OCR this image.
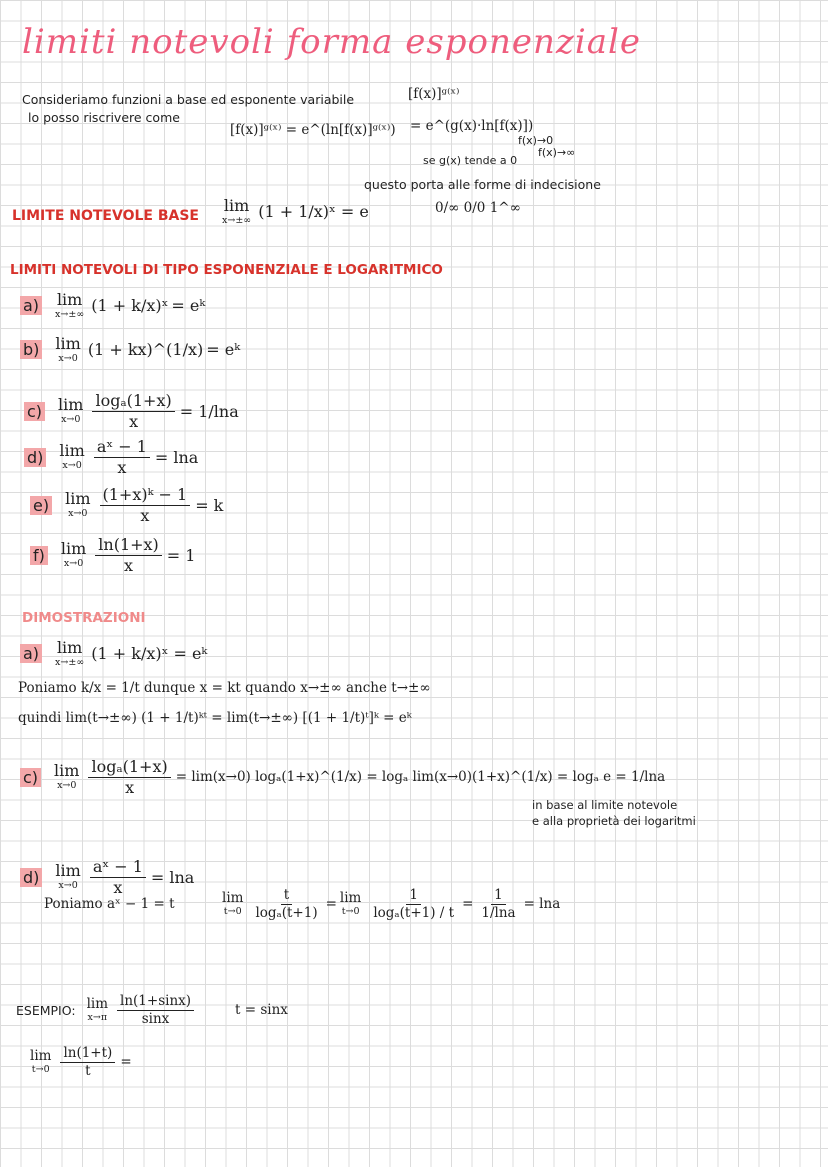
limiti notevoli forma esponenziale
Consideriamo funzioni a base ed esponente variabile	[f(x)]ᵍ⁽ˣ⁾
lo posso riscrivere come
[f(x)]ᵍ⁽ˣ⁾ = e^(ln[f(x)]ᵍ⁽ˣ⁾) = e^(g(x)·ln[f(x)])
f(x)→0
f(x)→∞
se g(x) tende a 0
questo porta alle forme di indecisione
0/∞ 0/0 1^∞
LIMITE NOTEVOLE BASE
lim
x→±∞ (1 + 1/x)ˣ = e
LIMITI NOTEVOLI DI TIPO ESPONENZIALE E LOGARITMICO
a) lim
x→±∞ (1 + k/x)ˣ = eᵏ
b) lim
x→0 (1 + kx)^(1/x) = eᵏ
c) lim
$x\to 0 \frac{\text{logₐ(1+x)}}{x} = 1/\ln a$
d) lim
$x\to 0 \frac{\text{aˣ − 1}}{x} = \ln a$
e) lim
$x\to 0 \frac{\text{(1+x)ᵏ − 1}}{x} = k$
f) lim
$x\to 0 \frac{\ln(1+x)}{x} = 1$
DIMOSTRAZIONI
a) lim
x→±∞ (1 + k/x)ˣ = eᵏ
Poniamo k/x = 1/t dunque x = kt quando x→±∞ anche t→±∞
quindi lim(t→±∞) (1 + 1/t)ᵏᵗ = lim(t→±∞) [(1 + 1/t)ᵗ]ᵏ = eᵏ
c) lim
$x\to 0 \frac{\text{logₐ(1+x)}}{x} = \lim(x\to 0)$ logₐ(1+x)^(1/x) = logₐ lim(x→0)(1+x)^(1/x) = logₐ e = 1/lna
in base al limite notevole
e alla proprietà dei logaritmi
d) lim
$x\to 0 \frac{\text{aˣ − 1}}{x} = \ln a$
Poniamo aˣ − 1 = t	lim
$t\to 0 \frac{t}{\text{logₐ(t+1)}} = \lim$
$t\to 0 \frac{1}{\text{logₐ(t+1) / t}} = \frac{1}{1/\ln a} = \ln a$
ESEMPIO: lim
$x\to\pi \frac{\ln(1+\sin x)}{\sin x}$	t = sinx
lim
$t\to 0 \frac{\ln(1+t)}{t}$ =
